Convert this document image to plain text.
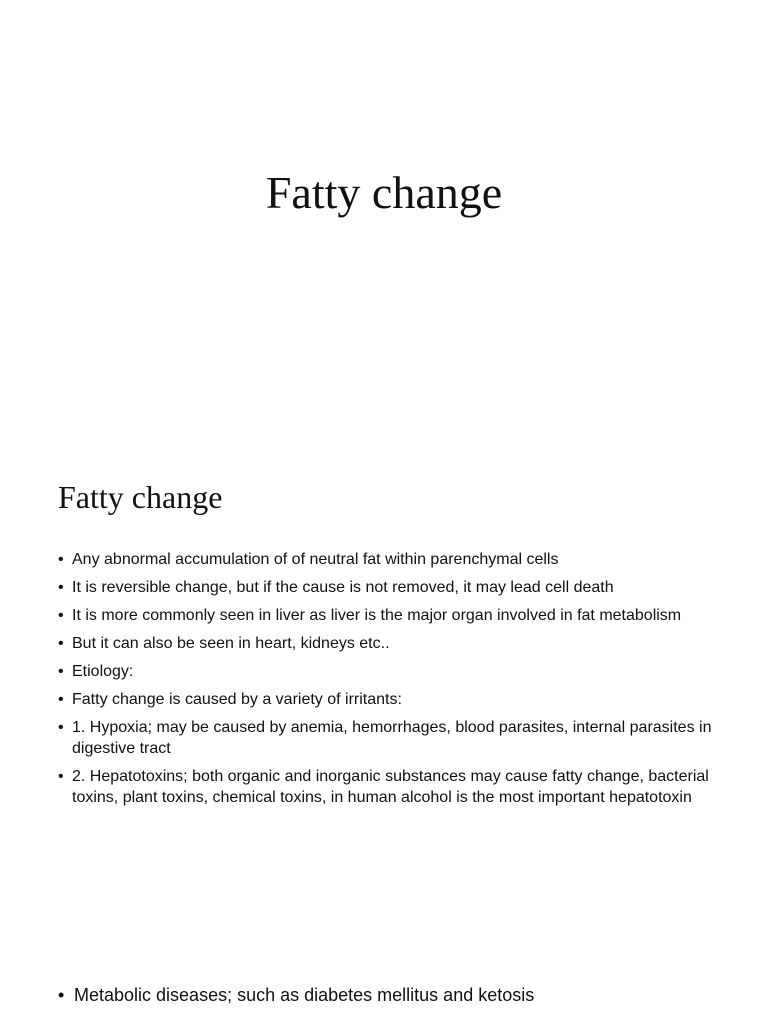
Fatty change
Fatty change
• Any abnormal accumulation of of neutral fat within parenchymal cells
• It is reversible change, but if the cause is not removed, it may lead cell death
• It is more commonly seen in liver as liver is the major organ involved in fat metabolism
• But it can also be seen in heart, kidneys etc..
• Etiology:
• Fatty change is caused by a variety of irritants:
• 1. Hypoxia; may be caused by anemia, hemorrhages, blood parasites, internal parasites in digestive tract
• 2. Hepatotoxins; both organic and inorganic substances may cause fatty change, bacterial toxins, plant toxins, chemical toxins, in human alcohol is the most important hepatotoxin
• Metabolic diseases; such as diabetes mellitus and ketosis
